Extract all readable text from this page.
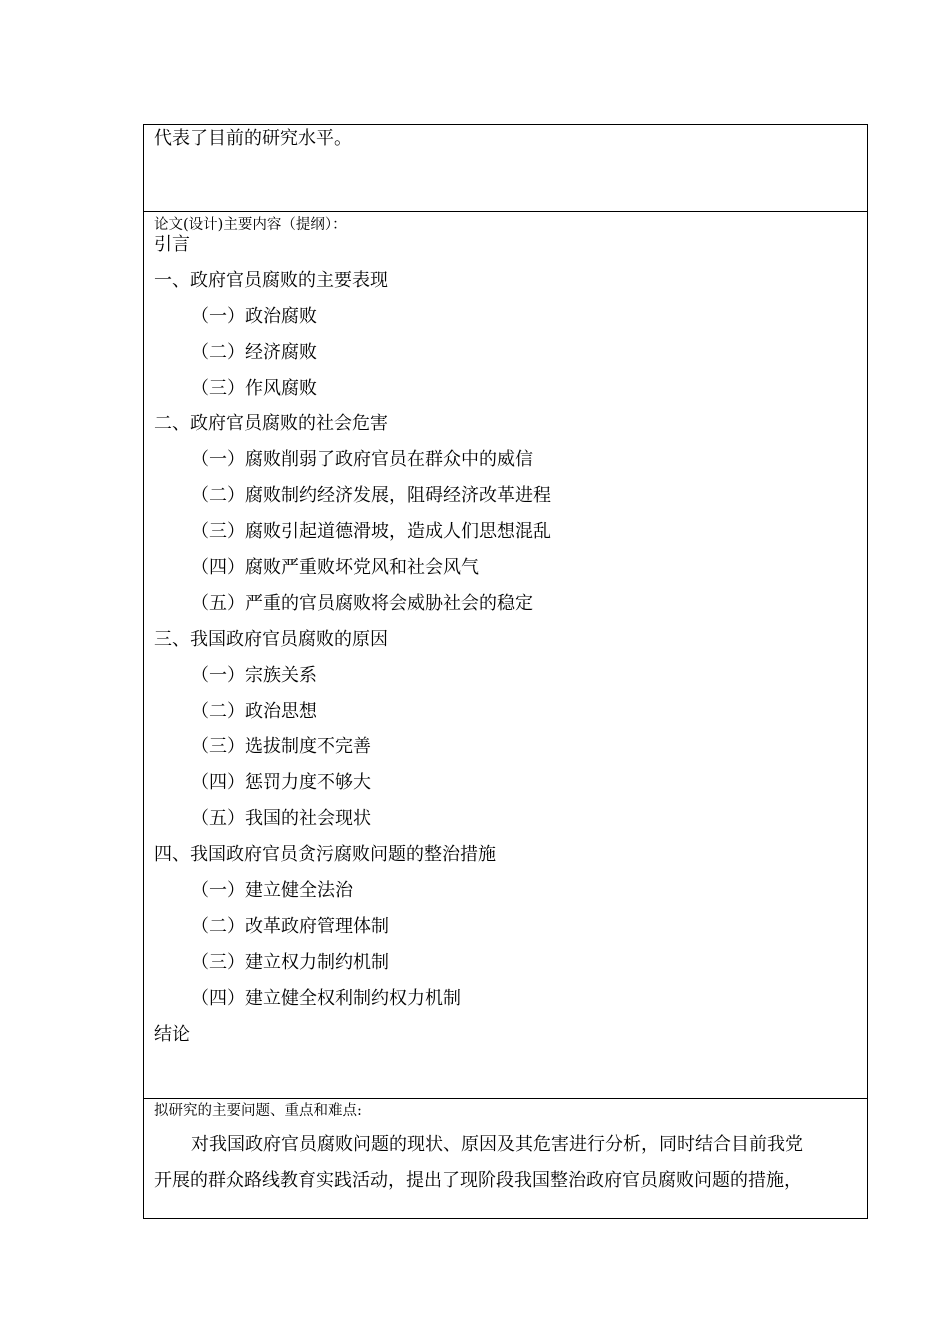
代表了目前的研究水平。
论文(设计)主要内容（提纲）：
引言
一、政府官员腐败的主要表现
（一）政治腐败
（二）经济腐败
（三）作风腐败
二、政府官员腐败的社会危害
（一）腐败削弱了政府官员在群众中的威信
（二）腐败制约经济发展，阻碍经济改革进程
（三）腐败引起道德滑坡，造成人们思想混乱
（四）腐败严重败坏党风和社会风气
（五）严重的官员腐败将会威胁社会的稳定
三、我国政府官员腐败的原因
（一）宗族关系
（二）政治思想
（三）选拔制度不完善
（四）惩罚力度不够大
（五）我国的社会现状
四、我国政府官员贪污腐败问题的整治措施
（一）建立健全法治
（二）改革政府管理体制
（三）建立权力制约机制
（四）建立健全权利制约权力机制
结论
拟研究的主要问题、重点和难点:
对我国政府官员腐败问题的现状、原因及其危害进行分析，同时结合目前我党
开展的群众路线教育实践活动，提出了现阶段我国整治政府官员腐败问题的措施，
